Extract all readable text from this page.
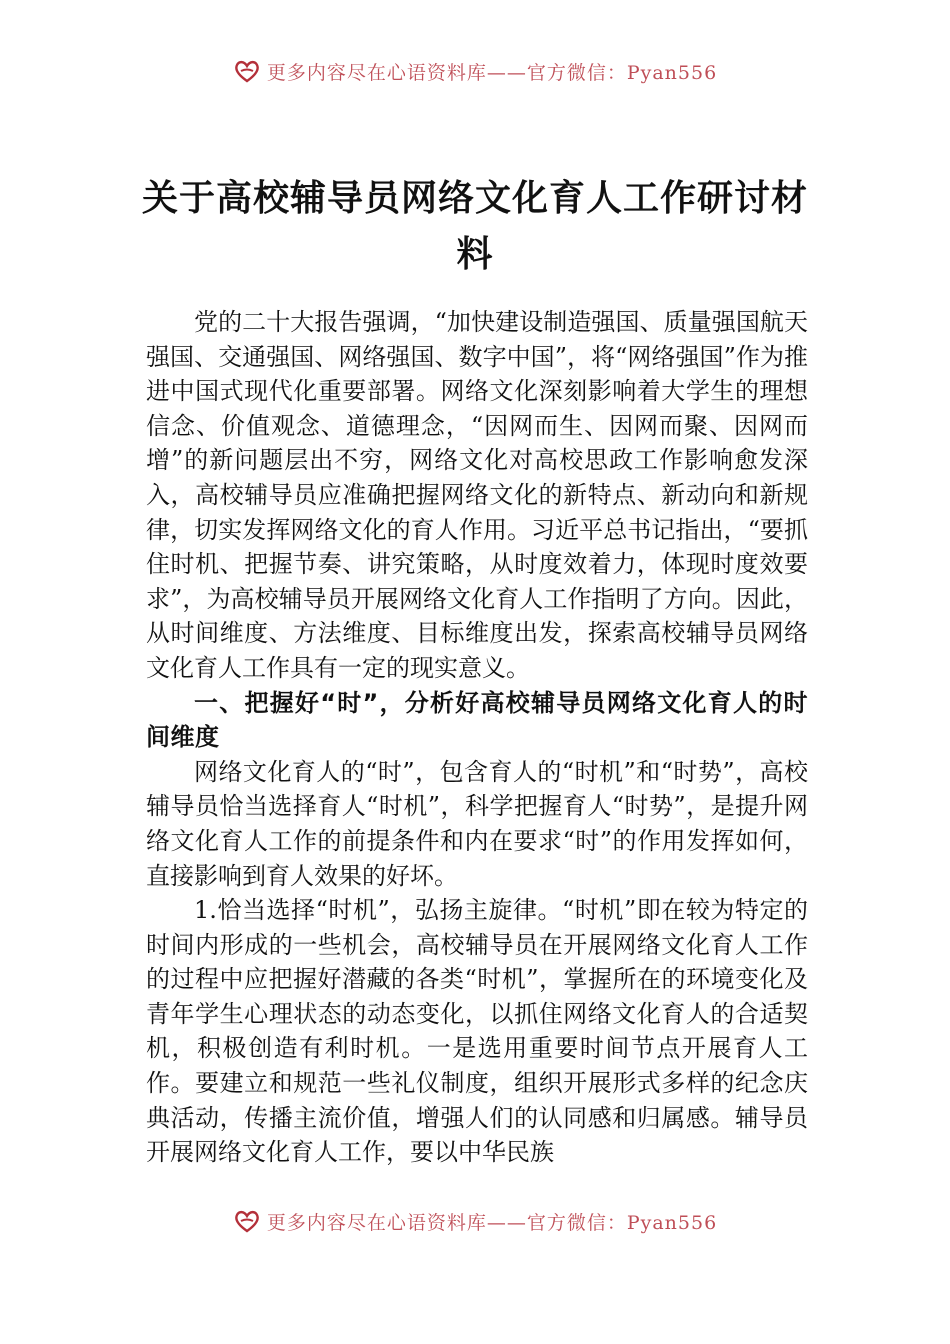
更多内容尽在心语资料库——官方微信：Pyan556
关于高校辅导员网络文化育人工作研讨材料

党的二十大报告强调，“加快建设制造强国、质量强国航天强国、交通强国、网络强国、数字中国”，将“网络强国”作为推进中国式现代化重要部署。网络文化深刻影响着大学生的理想信念、价值观念、道德理念，“因网而生、因网而聚、因网而增”的新问题层出不穷，网络文化对高校思政工作影响愈发深入，高校辅导员应准确把握网络文化的新特点、新动向和新规律，切实发挥网络文化的育人作用。习近平总书记指出，“要抓住时机、把握节奏、讲究策略，从时度效着力，体现时度效要求”，为高校辅导员开展网络文化育人工作指明了方向。因此，从时间维度、方法维度、目标维度出发，探索高校辅导员网络文化育人工作具有一定的现实意义。

一、把握好“时”，分析好高校辅导员网络文化育人的时间维度

网络文化育人的“时”，包含育人的“时机”和“时势”，高校辅导员恰当选择育人“时机”，科学把握育人“时势”，是提升网络文化育人工作的前提条件和内在要求“时”的作用发挥如何，直接影响到育人效果的好坏。

1.恰当选择“时机”，弘扬主旋律。“时机”即在较为特定的时间内形成的一些机会，高校辅导员在开展网络文化育人工作的过程中应把握好潜藏的各类“时机”，掌握所在的环境变化及青年学生心理状态的动态变化，以抓住网络文化育人的合适契机，积极创造有利时机。一是选用重要时间节点开展育人工作。要建立和规范一些礼仪制度，组织开展形式多样的纪念庆典活动，传播主流价值，增强人们的认同感和归属感。辅导员开展网络文化育人工作，要以中华民族

更多内容尽在心语资料库——官方微信：Pyan556
